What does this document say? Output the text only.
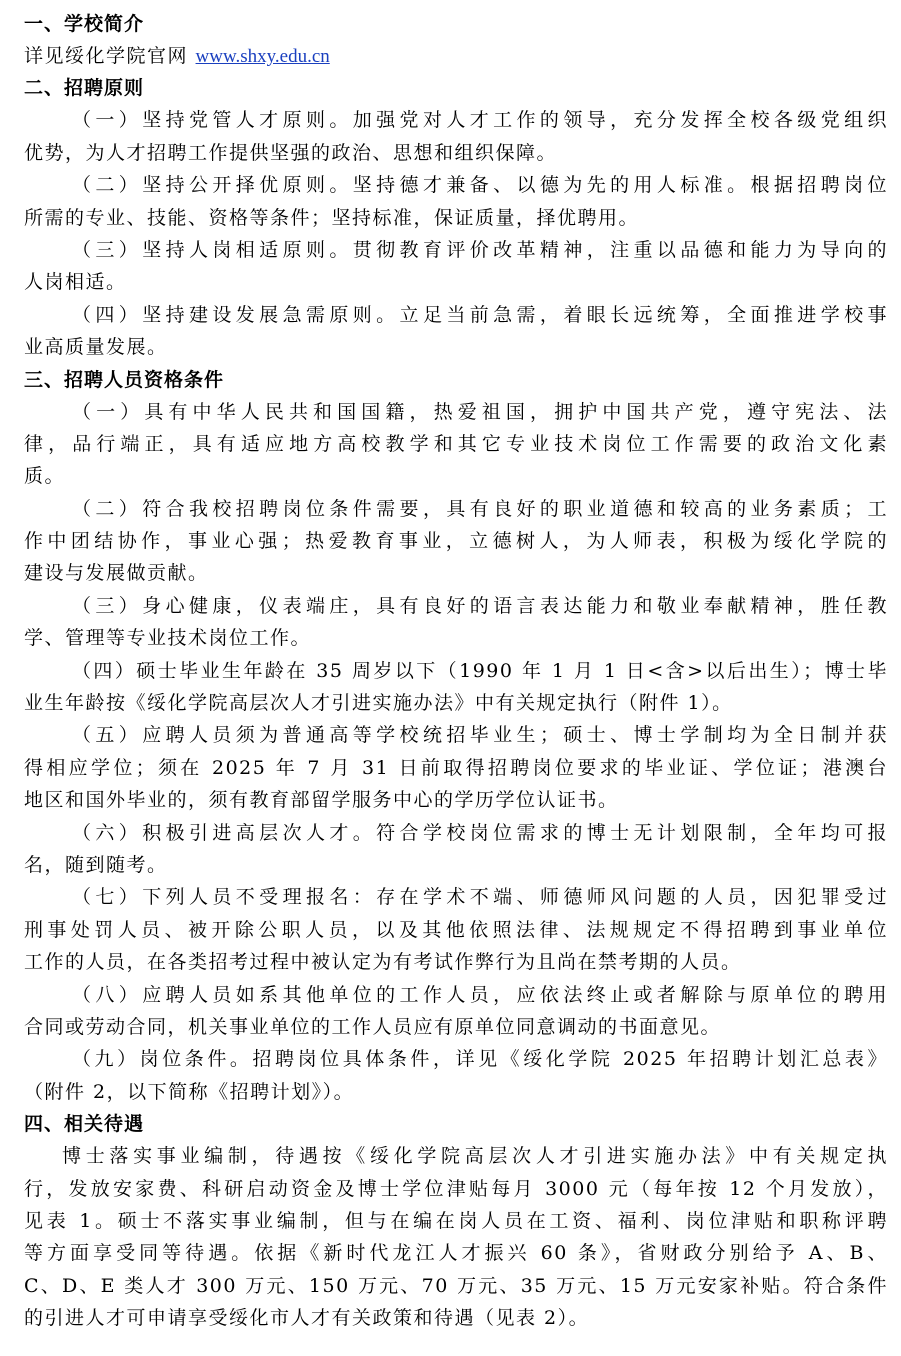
一、学校简介
详见绥化学院官网 www.shxy.edu.cn
二、招聘原则
（一）坚持党管人才原则。加强党对人才工作的领导，充分发挥全校各级党组织
优势，为人才招聘工作提供坚强的政治、思想和组织保障。
（二）坚持公开择优原则。坚持德才兼备、以德为先的用人标准。根据招聘岗位
所需的专业、技能、资格等条件；坚持标准，保证质量，择优聘用。
（三）坚持人岗相适原则。贯彻教育评价改革精神，注重以品德和能力为导向的
人岗相适。
（四）坚持建设发展急需原则。立足当前急需，着眼长远统筹，全面推进学校事
业高质量发展。
三、招聘人员资格条件
（一）具有中华人民共和国国籍，热爱祖国，拥护中国共产党，遵守宪法、法
律，品行端正，具有适应地方高校教学和其它专业技术岗位工作需要的政治文化素
质。
（二）符合我校招聘岗位条件需要，具有良好的职业道德和较高的业务素质；工
作中团结协作，事业心强；热爱教育事业，立德树人，为人师表，积极为绥化学院的
建设与发展做贡献。
（三）身心健康，仪表端庄，具有良好的语言表达能力和敬业奉献精神，胜任教
学、管理等专业技术岗位工作。
（四）硕士毕业生年龄在 35 周岁以下（1990 年 1 月 1 日<含>以后出生）；博士毕
业生年龄按《绥化学院高层次人才引进实施办法》中有关规定执行（附件 1）。
（五）应聘人员须为普通高等学校统招毕业生；硕士、博士学制均为全日制并获
得相应学位；须在 2025 年 7 月 31 日前取得招聘岗位要求的毕业证、学位证；港澳台
地区和国外毕业的，须有教育部留学服务中心的学历学位认证书。
（六）积极引进高层次人才。符合学校岗位需求的博士无计划限制，全年均可报
名，随到随考。
（七）下列人员不受理报名：存在学术不端、师德师风问题的人员，因犯罪受过
刑事处罚人员、被开除公职人员，以及其他依照法律、法规规定不得招聘到事业单位
工作的人员，在各类招考过程中被认定为有考试作弊行为且尚在禁考期的人员。
（八）应聘人员如系其他单位的工作人员，应依法终止或者解除与原单位的聘用
合同或劳动合同，机关事业单位的工作人员应有原单位同意调动的书面意见。
（九）岗位条件。招聘岗位具体条件，详见《绥化学院 2025 年招聘计划汇总表》
（附件 2，以下简称《招聘计划》）。
四、相关待遇
博士落实事业编制，待遇按《绥化学院高层次人才引进实施办法》中有关规定执
行，发放安家费、科研启动资金及博士学位津贴每月 3000 元（每年按 12 个月发放），
见表 1。硕士不落实事业编制，但与在编在岗人员在工资、福利、岗位津贴和职称评聘
等方面享受同等待遇。依据《新时代龙江人才振兴 60 条》，省财政分别给予 A、B、
C、D、E 类人才 300 万元、150 万元、70 万元、35 万元、15 万元安家补贴。符合条件
的引进人才可申请享受绥化市人才有关政策和待遇（见表 2）。
